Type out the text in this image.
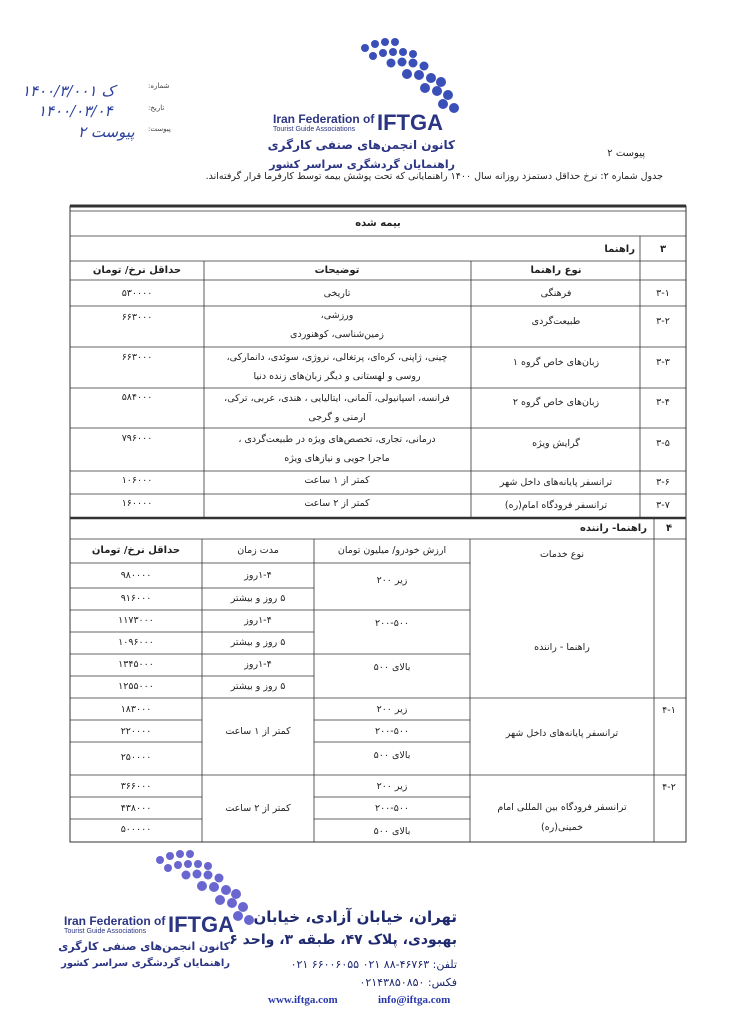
۱۴۰۰/ک ۳/۰۰۱
۱۴۰۰/۰۳/۰۴
پیوست ۲
شماره:
تاریخ:
پیوست:
Iran Federation of
Tourist Guide Associations IFTGA
کانون انجمن‌های صنفی کارگری
راهنمایان گردشگری سراسر کشور
پیوست ۲
جدول شماره ۲: نرخ حداقل دستمزد روزانه سال ۱۴۰۰ راهنمایانی که تحت پوشش بیمه توسط کارفرما قرار گرفته‌اند.
بیمه شده
۳
راهنما
نوع راهنما
توضیحات
حداقل نرخ/ تومان
۳-۱
فرهنگی
تاریخی
۵۳۰۰۰۰
۳-۲
طبیعت‌گردی
ورزشی،
زمین‌شناسی، کوهنوردی
۶۶۳۰۰۰
۳-۳
زبان‌های خاص گروه ۱
چینی، ژاپنی، کره‌ای، پرتغالی، نروژی، سوئدی، دانمارکی،
روسی و لهستانی و دیگر زبان‌های زنده دنیا
۶۶۳۰۰۰
۳-۴
زبان‌های خاص گروه ۲
فرانسه، اسپانیولی، آلمانی، ایتالیایی ، هندی، عربی، ترکی،
ارمنی و گرجی
۵۸۴۰۰۰
۳-۵
گرایش ویژه
درمانی، تجاری، تخصص‌های ویژه در طبیعت‌گردی ،
ماجرا جویی و نیازهای ویژه
۷۹۶۰۰۰
۳-۶
ترانسفر پایانه‌های داخل شهر
کمتر از ۱ ساعت
۱۰۶۰۰۰
۳-۷
ترانسفر فرودگاه امام(ره)
کمتر از ۲ ساعت
۱۶۰۰۰۰
۴
راهنما- راننده
نوع خدمات
ارزش خودرو/ میلیون تومان
مدت زمان
حداقل نرخ/ تومان
راهنما - راننده
زیر ۲۰۰
۲۰۰-۵۰۰
بالای ۵۰۰
۱-۴روز
۵ روز و بیشتر
۱-۴روز
۵ روز و بیشتر
۱-۴روز
۵ روز و بیشتر
۹۸۰۰۰۰
۹۱۶۰۰۰
۱۱۷۳۰۰۰
۱۰۹۶۰۰۰
۱۳۴۵۰۰۰
۱۲۵۵۰۰۰
۴-۱
ترانسفر پایانه‌های داخل شهر
زیر ۲۰۰
۲۰۰-۵۰۰
بالای ۵۰۰
کمتر از ۱ ساعت
۱۸۳۰۰۰
۲۲۰۰۰۰
۲۵۰۰۰۰
۴-۲
ترانسفر فرودگاه بین المللی امام
خمینی(ره)
زیر ۲۰۰
۲۰۰-۵۰۰
بالای ۵۰۰
کمتر از ۲ ساعت
۳۶۶۰۰۰
۴۳۸۰۰۰
۵۰۰۰۰۰
Iran Federation of
Tourist Guide Associations IFTGA
کانون انجمن‌های صنفی کارگری
راهنمایان گردشگری سراسر کشور
تهران، خیابان آزادی، خیابان
بهبودی، پلاک ۴۷، طبقه ۳، واحد ۶
تلفن: ۴۶۷۶۳-۸۸ ۰۲۱ ۶۶۰۰۶۰۵۵ ۰۲۱
فکس: ۰۲۱۴۳۸۵۰۸۵۰
www.iftga.com	info@iftga.com
